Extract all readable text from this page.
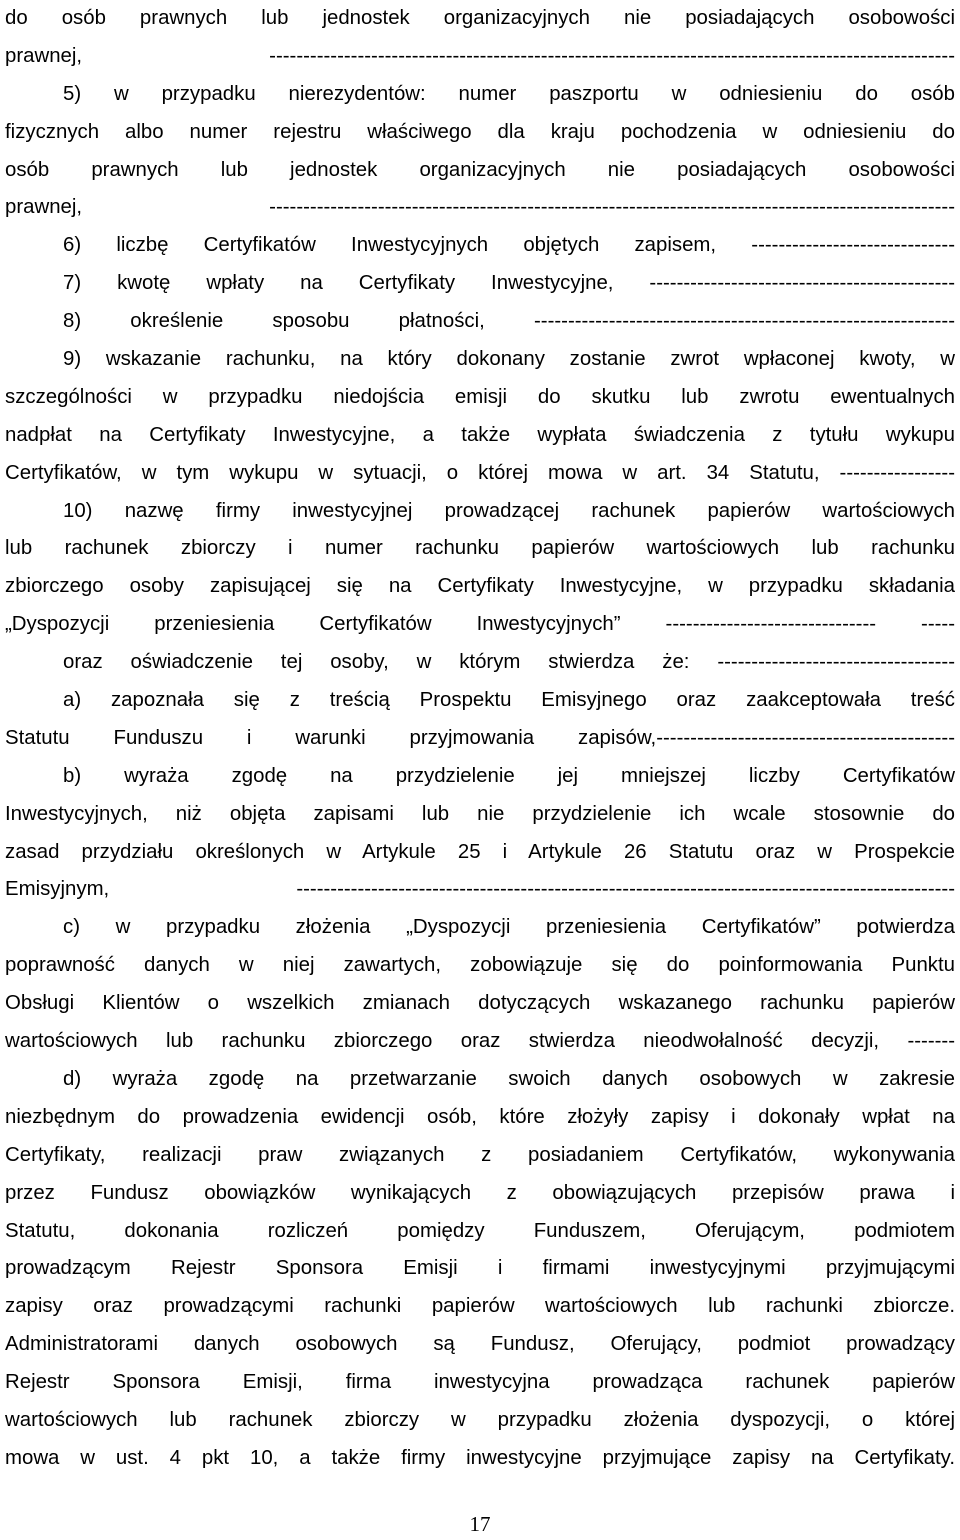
do osób prawnych lub jednostek organizacyjnych nie posiadających osobowości
prawnej, -----------------------------------------------------------------------------------------------------
5) w przypadku nierezydentów: numer paszportu w odniesieniu do osób
fizycznych albo numer rejestru właściwego dla kraju pochodzenia w odniesieniu do
osób prawnych lub jednostek organizacyjnych nie posiadających osobowości
prawnej, -----------------------------------------------------------------------------------------------------
6) liczbę Certyfikatów Inwestycyjnych objętych zapisem, ------------------------------
7) kwotę wpłaty na Certyfikaty Inwestycyjne, ---------------------------------------------
8) określenie sposobu płatności, --------------------------------------------------------------
9) wskazanie rachunku, na który dokonany zostanie zwrot wpłaconej kwoty, w
szczególności w przypadku niedojścia emisji do skutku lub zwrotu ewentualnych
nadpłat na Certyfikaty Inwestycyjne, a także wypłata świadczenia z tytułu wykupu
Certyfikatów, w tym wykupu w sytuacji, o której mowa w art. 34 Statutu, -----------------
10) nazwę firmy inwestycyjnej prowadzącej rachunek papierów wartościowych
lub rachunek zbiorczy i numer rachunku papierów wartościowych lub rachunku
zbiorczego osoby zapisującej się na Certyfikaty Inwestycyjne, w przypadku składania
„Dyspozycji przeniesienia Certyfikatów Inwestycyjnych” ------------------------------- -----
oraz oświadczenie tej osoby, w którym stwierdza że: -----------------------------------
a) zapoznała się z treścią Prospektu Emisyjnego oraz zaakceptowała treść
Statutu Funduszu i warunki przyjmowania zapisów,--------------------------------------------
b) wyraża zgodę na przydzielenie jej mniejszej liczby Certyfikatów
Inwestycyjnych, niż objęta zapisami lub nie przydzielenie ich wcale stosownie do
zasad przydziału określonych w Artykule 25 i Artykule 26 Statutu oraz w Prospekcie
Emisyjnym, -------------------------------------------------------------------------------------------------
c) w przypadku złożenia „Dyspozycji przeniesienia Certyfikatów” potwierdza
poprawność danych w niej zawartych, zobowiązuje się do poinformowania Punktu
Obsługi Klientów o wszelkich zmianach dotyczących wskazanego rachunku papierów
wartościowych lub rachunku zbiorczego oraz stwierdza nieodwołalność decyzji, -------
d) wyraża zgodę na przetwarzanie swoich danych osobowych w zakresie
niezbędnym do prowadzenia ewidencji osób, które złożyły zapisy i dokonały wpłat na
Certyfikaty, realizacji praw związanych z posiadaniem Certyfikatów, wykonywania
przez Fundusz obowiązków wynikających z obowiązujących przepisów prawa i
Statutu, dokonania rozliczeń pomiędzy Funduszem, Oferującym, podmiotem
prowadzącym Rejestr Sponsora Emisji i firmami inwestycyjnymi przyjmującymi
zapisy oraz prowadzącymi rachunki papierów wartościowych lub rachunki zbiorcze.
Administratorami danych osobowych są Fundusz, Oferujący, podmiot prowadzący
Rejestr Sponsora Emisji, firma inwestycyjna prowadząca rachunek papierów
wartościowych lub rachunek zbiorczy w przypadku złożenia dyspozycji, o której
mowa w ust. 4 pkt 10, a także firmy inwestycyjne przyjmujące zapisy na Certyfikaty.
17
